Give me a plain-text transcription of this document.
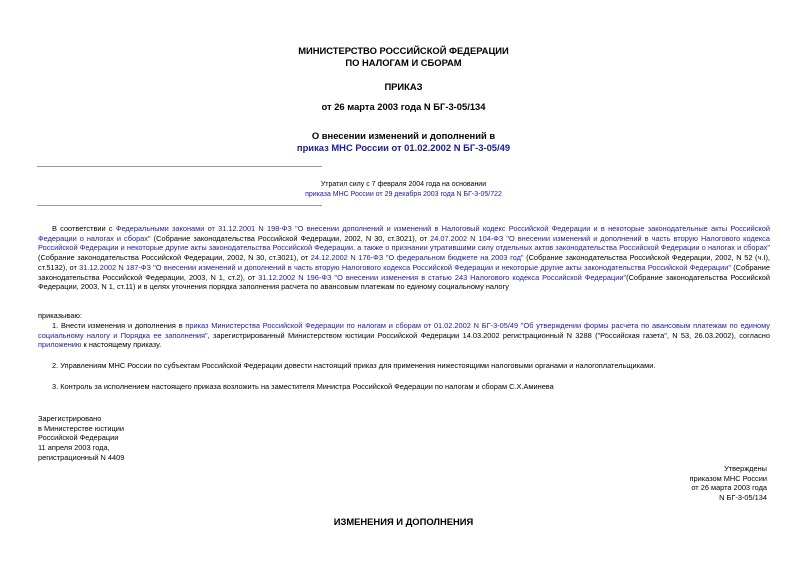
МИНИСТЕРСТВО РОССИЙСКОЙ ФЕДЕРАЦИИ
ПО НАЛОГАМ И СБОРАМ
ПРИКАЗ
от 26 марта 2003 года N БГ-3-05/134
О внесении изменений и дополнений в
приказ МНС России от 01.02.2002 N БГ-3-05/49
Утратил силу с 7 февраля 2004 года на основании
приказа МНС России от 29 декабря 2003 года N БГ-3-05/722
В соответствии с Федеральными законами от 31.12.2001 N 198-ФЗ "О внесении дополнений и изменений в Налоговый кодекс Российской Федерации и в некоторые законодательные акты Российской Федерации о налогах и сборах" (Собрание законодательства Российской Федерации, 2002, N 30, ст.3021), от 24.07.2002 N 104-ФЗ "О внесении изменений и дополнений в часть вторую Налогового кодекса Российской Федерации и некоторые другие акты законодательства Российской Федерации, а также о признании утратившими силу отдельных актов законодательства Российской Федерации о налогах и сборах" (Собрание законодательства Российской Федерации, 2002, N 30, ст.3021), от 24.12.2002 N 176-ФЗ "О федеральном бюджете на 2003 год" (Собрание законодательства Российской Федерации, 2002, N 52 (ч.I), ст.5132), от 31.12.2002 N 187-ФЗ "О внесении изменений и дополнений в часть вторую Налогового кодекса Российской Федерации и некоторые другие акты законодательства Российской Федерации" (Собрание законодательства Российской Федерации, 2003, N 1, ст.2), от 31.12.2002 N 196-ФЗ "О внесении изменения в статью 243 Налогового кодекса Российской Федерации"(Собрание законодательства Российской Федерации, 2003, N 1, ст.11) и в целях уточнения порядка заполнения расчета по авансовым платежам по единому социальному налогу
приказываю:
1. Внести изменения и дополнения в приказ Министерства Российской Федерации по налогам и сборам от 01.02.2002 N БГ-3-05/49 "Об утверждении формы расчета по авансовым платежам по единому социальному налогу и Порядка ее заполнения", зарегистрированный Министерством юстиции Российской Федерации 14.03.2002 регистрационный N 3288 ("Российская газета", N 53, 26.03.2002), согласно приложению к настоящему приказу.
2. Управлениям МНС России по субъектам Российской Федерации довести настоящий приказ для применения нижестоящими налоговыми органами и налогоплательщиками.
3. Контроль за исполнением настоящего приказа возложить на заместителя Министра Российской Федерации по налогам и сборам С.Х.Аминева
Зарегистрировано
в Министерстве юстиции
Российской Федерации
11 апреля 2003 года,
регистрационный N 4409
Утверждены
приказом МНС России
от 26 марта 2003 года
N БГ-3-05/134
ИЗМЕНЕНИЯ И ДОПОЛНЕНИЯ
